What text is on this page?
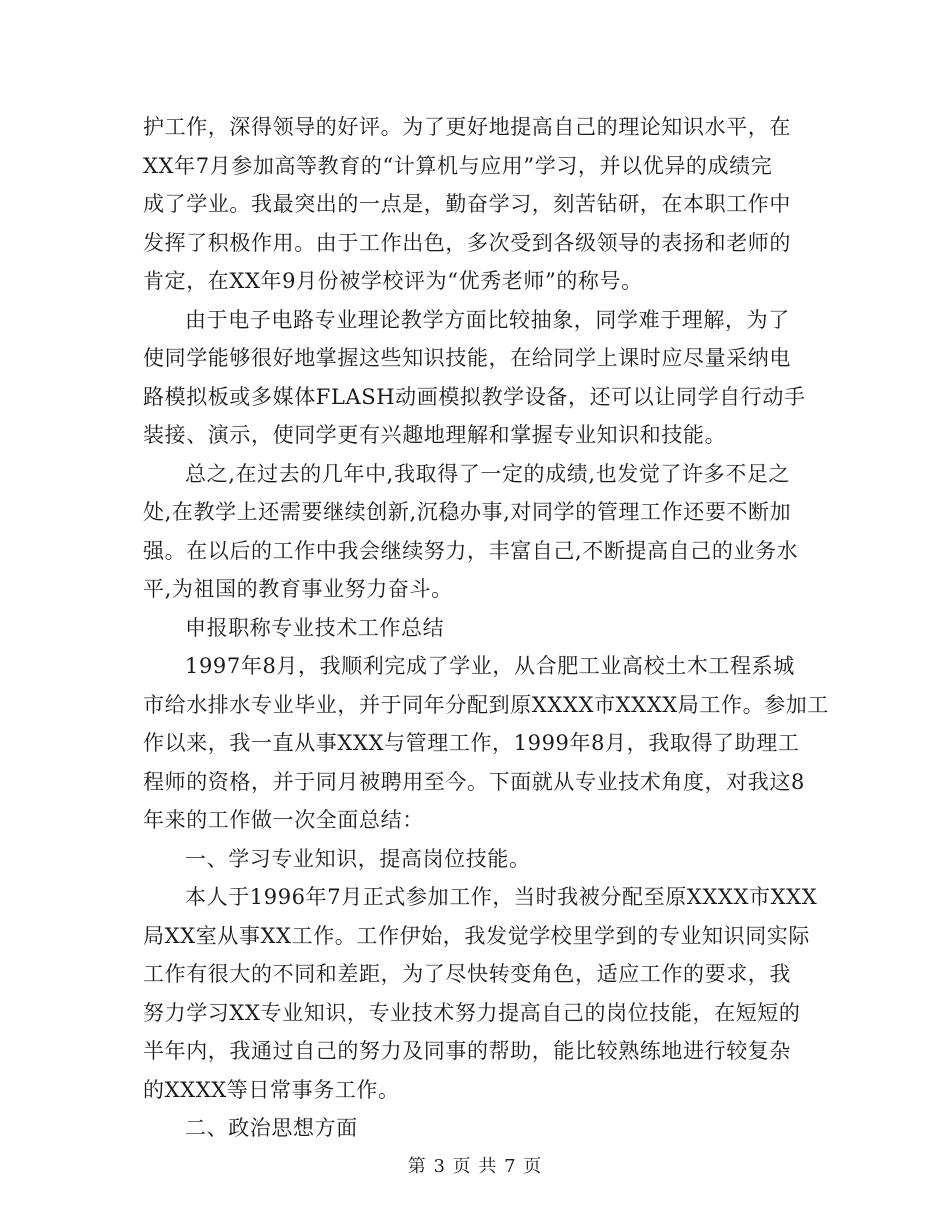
护工作，深得领导的好评。为了更好地提高自己的理论知识水平，在
XX年7月参加高等教育的“计算机与应用”学习，并以优异的成绩完
成了学业。我最突出的一点是，勤奋学习，刻苦钻研，在本职工作中
发挥了积极作用。由于工作出色，多次受到各级领导的表扬和老师的
肯定，在XX年9月份被学校评为“优秀老师”的称号。
由于电子电路专业理论教学方面比较抽象，同学难于理解，为了
使同学能够很好地掌握这些知识技能，在给同学上课时应尽量采纳电
路模拟板或多媒体FLASH动画模拟教学设备，还可以让同学自行动手
装接、演示，使同学更有兴趣地理解和掌握专业知识和技能。
总之,在过去的几年中,我取得了一定的成绩,也发觉了许多不足之
处,在教学上还需要继续创新,沉稳办事,对同学的管理工作还要不断加
强。在以后的工作中我会继续努力，丰富自己,不断提高自己的业务水
平,为祖国的教育事业努力奋斗。
申报职称专业技术工作总结
1997年8月，我顺利完成了学业，从合肥工业高校土木工程系城
市给水排水专业毕业，并于同年分配到原XXXX市XXXX局工作。参加工
作以来，我一直从事XXX与管理工作，1999年8月，我取得了助理工
程师的资格，并于同月被聘用至今。下面就从专业技术角度，对我这8
年来的工作做一次全面总结：
一、学习专业知识，提高岗位技能。
本人于1996年7月正式参加工作，当时我被分配至原XXXX市XXX
局XX室从事XX工作。工作伊始，我发觉学校里学到的专业知识同实际
工作有很大的不同和差距，为了尽快转变角色，适应工作的要求，我
努力学习XX专业知识，专业技术努力提高自己的岗位技能，在短短的
半年内，我通过自己的努力及同事的帮助，能比较熟练地进行较复杂
的XXXX等日常事务工作。
二、政治思想方面
第 3 页 共 7 页
